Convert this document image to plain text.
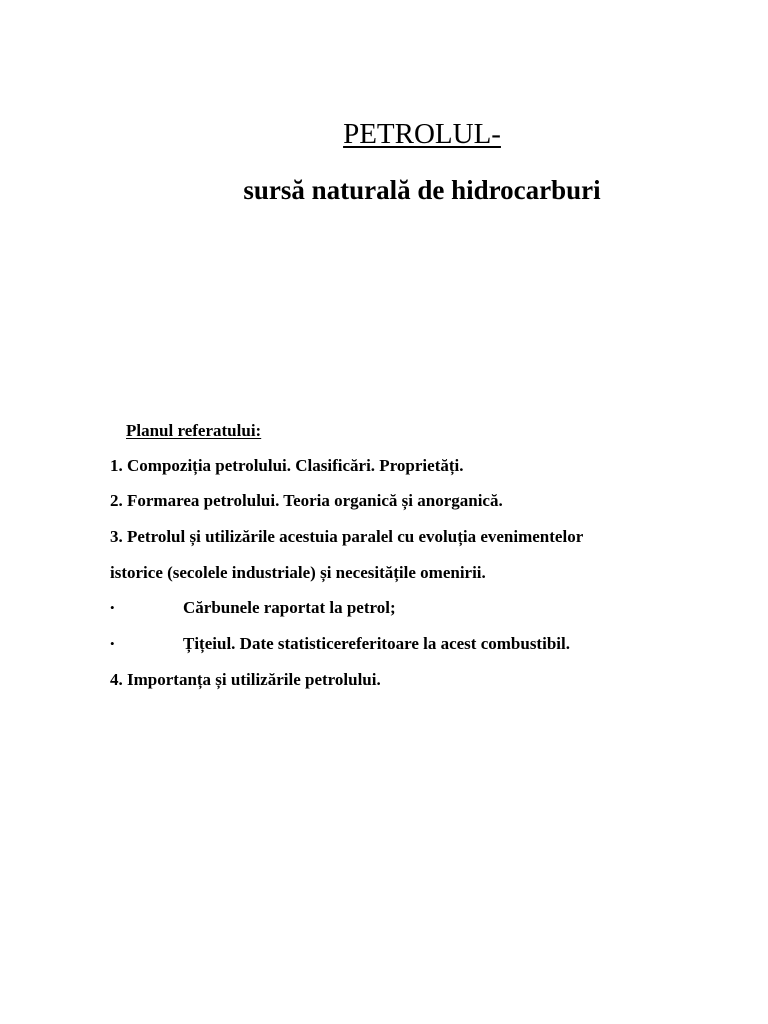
PETROLUL-
sursă naturală de hidrocarburi
Planul referatului:
1. Compoziția petrolului. Clasificări. Proprietăți.
2. Formarea petrolului. Teoria organică și anorganică.
3. Petrolul și utilizările acestuia paralel cu evoluția evenimentelor
istorice (secolele industriale) și necesitățile omenirii.
•	Cărbunele raportat la petrol;
•	Țițeiul. Date statisticereferitoare la acest combustibil.
4. Importanța și utilizările petrolului.
